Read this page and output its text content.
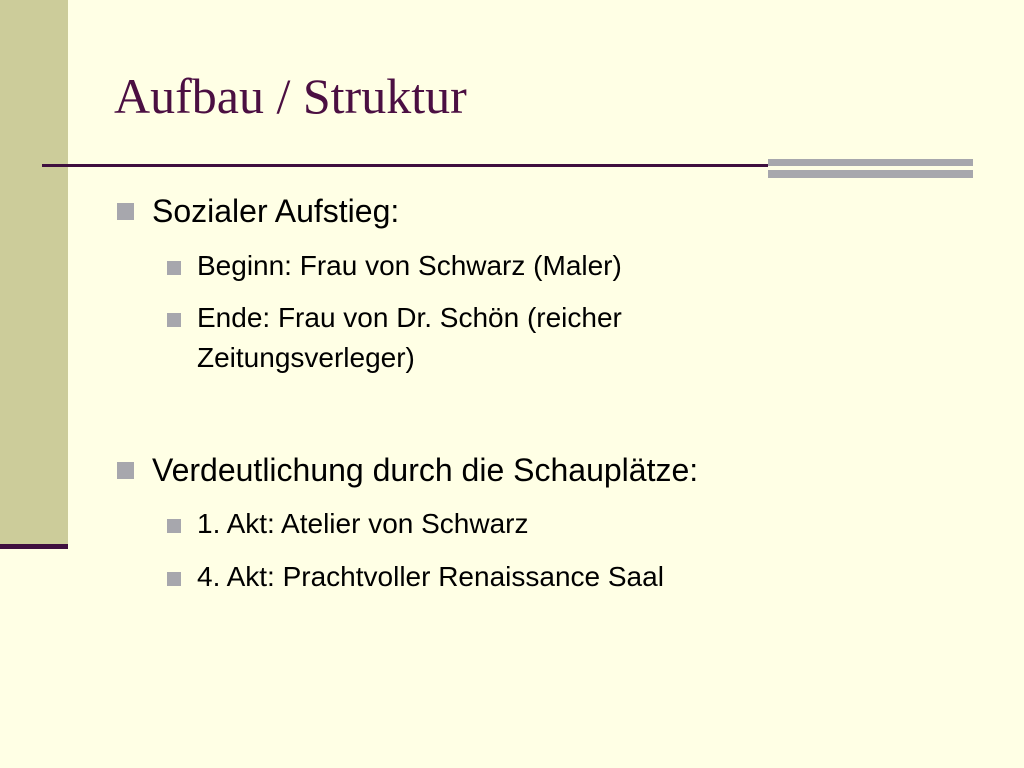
Aufbau / Struktur
Sozialer Aufstieg:
Beginn: Frau von Schwarz (Maler)
Ende: Frau von Dr. Schön (reicher
Zeitungsverleger)
Verdeutlichung durch die Schauplätze:
1. Akt: Atelier von Schwarz
4. Akt: Prachtvoller Renaissance Saal
